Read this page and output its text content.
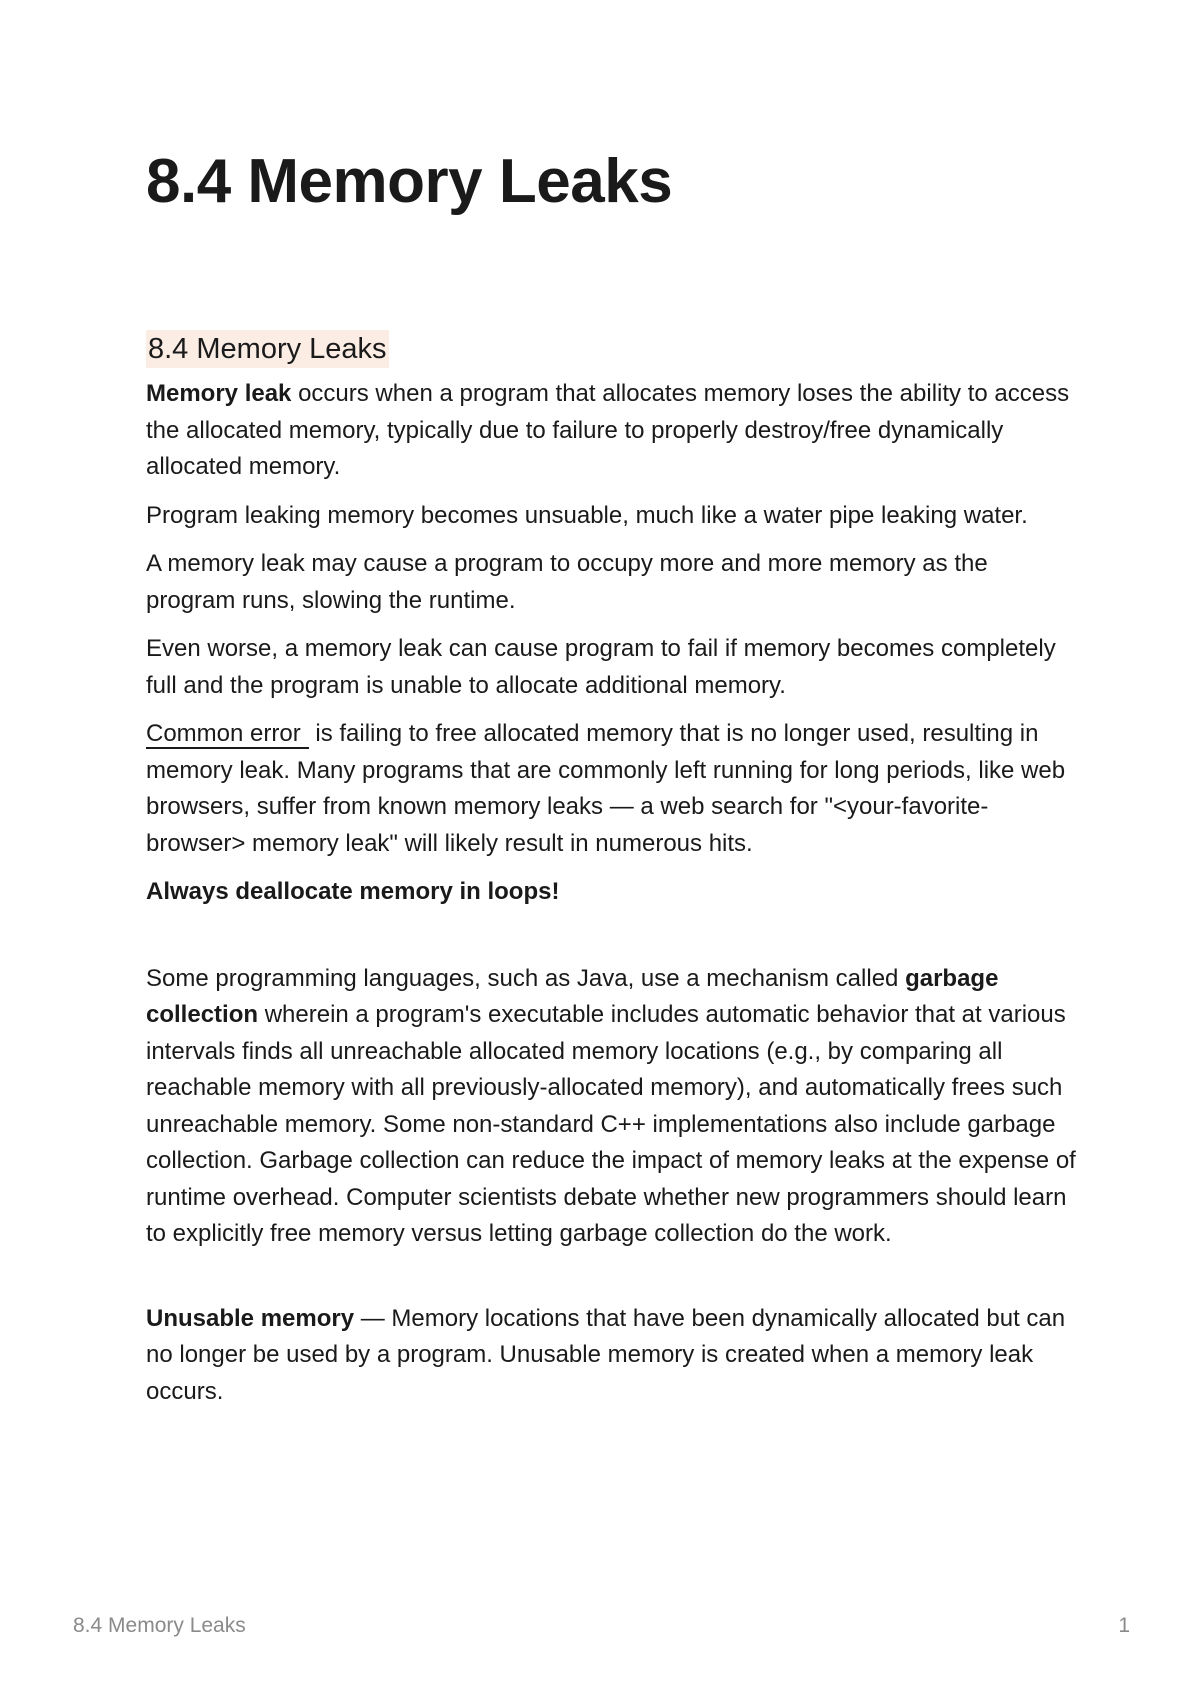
8.4 Memory Leaks
8.4 Memory Leaks

Memory leak occurs when a program that allocates memory loses the ability to access the allocated memory, typically due to failure to properly destroy/free dynamically allocated memory.

Program leaking memory becomes unsuable, much like a water pipe leaking water.

A memory leak may cause a program to occupy more and more memory as the program runs, slowing the runtime.

Even worse, a memory leak can cause program to fail if memory becomes completely full and the program is unable to allocate additional memory.

Common error is failing to free allocated memory that is no longer used, resulting in memory leak. Many programs that are commonly left running for long periods, like web browsers, suffer from known memory leaks — a web search for "<your-favorite-browser> memory leak" will likely result in numerous hits.

Always deallocate memory in loops!

Some programming languages, such as Java, use a mechanism called garbage collection wherein a program's executable includes automatic behavior that at various intervals finds all unreachable allocated memory locations (e.g., by comparing all reachable memory with all previously-allocated memory), and automatically frees such unreachable memory. Some non-standard C++ implementations also include garbage collection. Garbage collection can reduce the impact of memory leaks at the expense of runtime overhead. Computer scientists debate whether new programmers should learn to explicitly free memory versus letting garbage collection do the work.

Unusable memory — Memory locations that have been dynamically allocated but can no longer be used by a program. Unusable memory is created when a memory leak occurs.

8.4 Memory Leaks	1
